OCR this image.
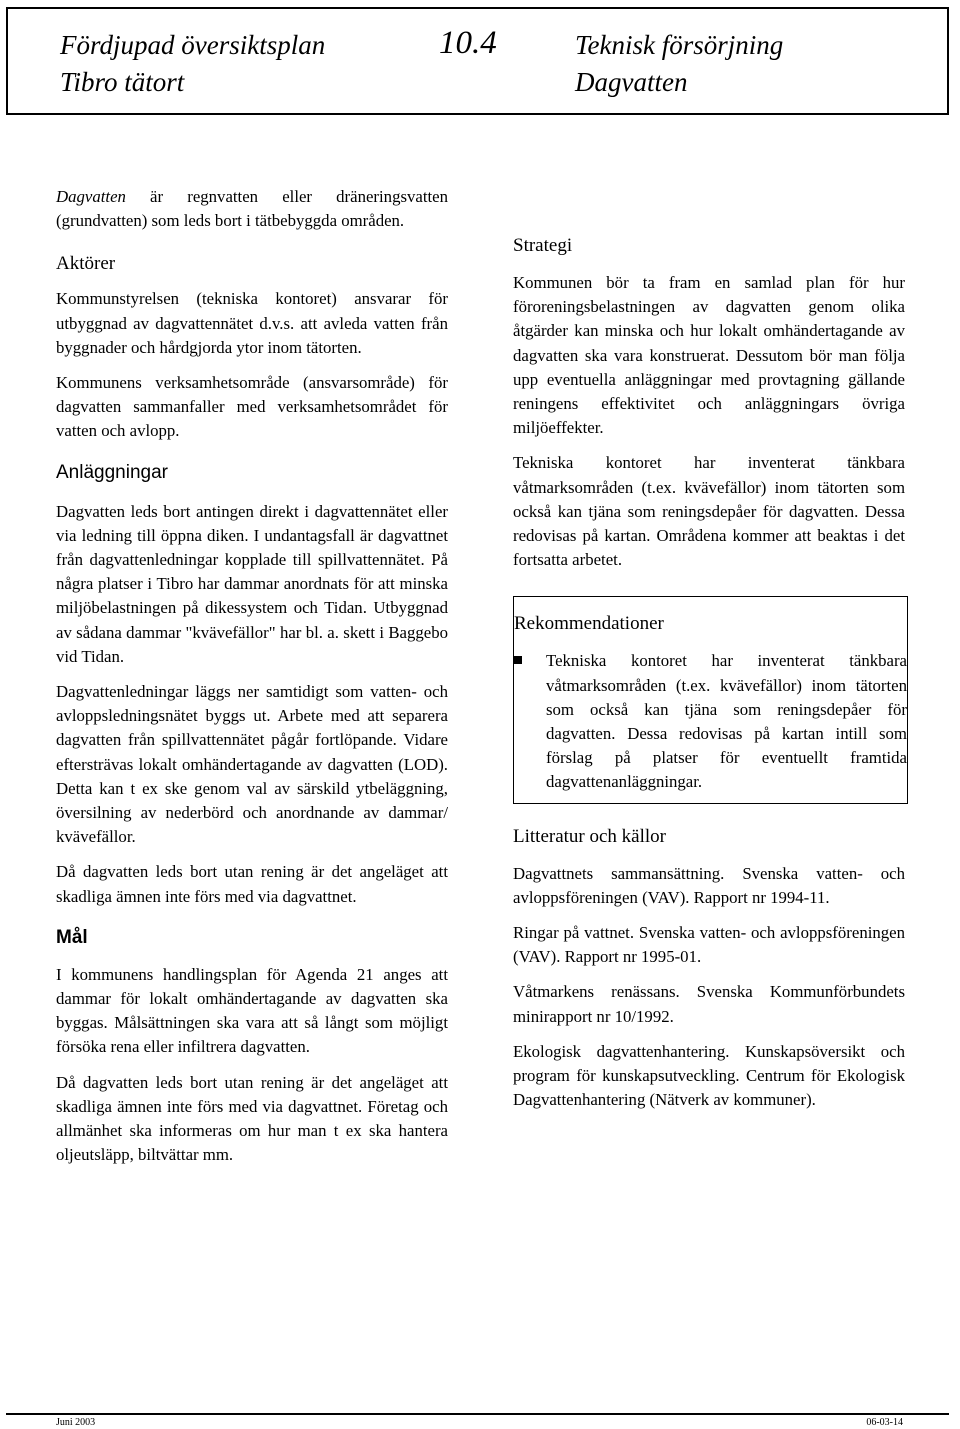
Fördjupad översiktsplan
Tibro tätort
10.4	Teknisk försörjning
Dagvatten

Dagvatten är regnvatten eller dräneringsvatten (grundvatten) som leds bort i tätbebyggda områden.

Aktörer

Kommunstyrelsen (tekniska kontoret) ansvarar för utbyggnad av dagvattennätet d.v.s. att avleda vatten från byggnader och hårdgjorda ytor inom tätorten.

Kommunens verksamhetsområde (ansvarsområde) för dagvatten sammanfaller med verksamhetsområdet för vatten och avlopp.

Anläggningar

Dagvatten leds bort antingen direkt i dagvattennätet eller via ledning till öppna diken. I undantagsfall är dagvattnet från dagvattenledningar kopplade till spillvattennätet. På några platser i Tibro har dammar anordnats för att minska miljöbelastningen på dikessystem och Tidan. Utbyggnad av sådana dammar "kvävefällor" har bl. a. skett i Baggebo vid Tidan.

Dagvattenledningar läggs ner samtidigt som vatten- och avloppsledningsnätet byggs ut. Arbete med att separera dagvatten från spillvattennätet pågår fortlöpande. Vidare eftersträvas lokalt omhändertagande av dagvatten (LOD). Detta kan t ex ske genom val av särskild ytbeläggning, översilning av nederbörd och anordnande av dammar/ kvävefällor.

Då dagvatten leds bort utan rening är det angeläget att skadliga ämnen inte förs med via dagvattnet.

Mål

I kommunens handlingsplan för Agenda 21 anges att dammar för lokalt omhändertagande av dagvatten ska byggas. Målsättningen ska vara att så långt som möjligt försöka rena eller infiltrera dagvatten.

Då dagvatten leds bort utan rening är det angeläget att skadliga ämnen inte förs med via dagvattnet. Företag och allmänhet ska informeras om hur man t ex ska hantera oljeutsläpp, biltvättar mm.

Strategi

Kommunen bör ta fram en samlad plan för hur föroreningsbelastningen av dagvatten genom olika åtgärder kan minska och hur lokalt omhändertagande av dagvatten ska vara konstruerat. Dessutom bör man följa upp eventuella anläggningar med provtagning gällande reningens effektivitet och anläggningars övriga miljöeffekter.

Tekniska kontoret har inventerat tänkbara våtmarksområden (t.ex. kvävefällor) inom tätorten som också kan tjäna som reningsdepåer för dagvatten. Dessa redovisas på kartan. Områdena kommer att beaktas i det fortsatta arbetet.

Rekommendationer

Tekniska kontoret har inventerat tänkbara våtmarksområden (t.ex. kvävefällor) inom tätorten som också kan tjäna som reningsdepåer för dagvatten. Dessa redovisas på kartan intill som förslag på platser för eventuellt framtida dagvattenanläggningar.

Litteratur och källor

Dagvattnets sammansättning. Svenska vatten- och avloppsföreningen (VAV). Rapport nr 1994-11.

Ringar på vattnet. Svenska vatten- och avloppsföreningen (VAV). Rapport nr 1995-01.

Våtmarkens renässans. Svenska Kommunförbundets minirapport nr 10/1992.

Ekologisk dagvattenhantering. Kunskapsöversikt och program för kunskapsutveckling. Centrum för Ekologisk Dagvattenhantering (Nätverk av kommuner).

Juni 2003	06-03-14
